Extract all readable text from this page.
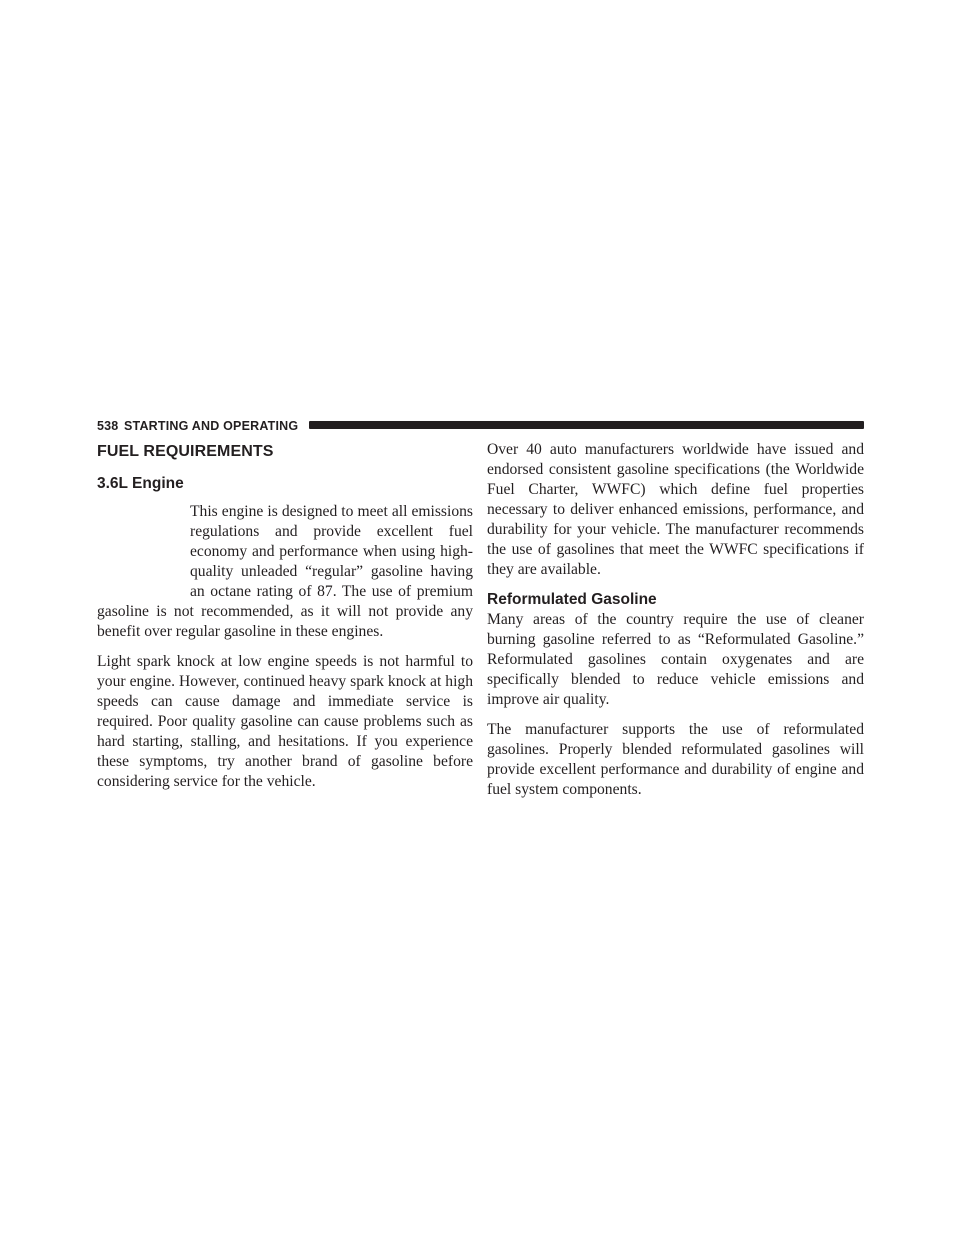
538 STARTING AND OPERATING
FUEL REQUIREMENTS
3.6L Engine

This engine is designed to meet all emissions regulations and provide excellent fuel economy and performance when using high-quality unleaded “regular” gasoline having an octane rating of 87. The use of premium gasoline is not recommended, as it will not provide any benefit over regular gasoline in these engines.

Light spark knock at low engine speeds is not harmful to your engine. However, continued heavy spark knock at high speeds can cause damage and immediate service is required. Poor quality gasoline can cause problems such as hard starting, stalling, and hesitations. If you experience these symptoms, try another brand of gasoline before considering service for the vehicle.

Over 40 auto manufacturers worldwide have issued and endorsed consistent gasoline specifications (the Worldwide Fuel Charter, WWFC) which define fuel properties necessary to deliver enhanced emissions, performance, and durability for your vehicle. The manufacturer recommends the use of gasolines that meet the WWFC specifications if they are available.

Reformulated Gasoline

Many areas of the country require the use of cleaner burning gasoline referred to as “Reformulated Gasoline.” Reformulated gasolines contain oxygenates and are specifically blended to reduce vehicle emissions and improve air quality.

The manufacturer supports the use of reformulated gasolines. Properly blended reformulated gasolines will provide excellent performance and durability of engine and fuel system components.
